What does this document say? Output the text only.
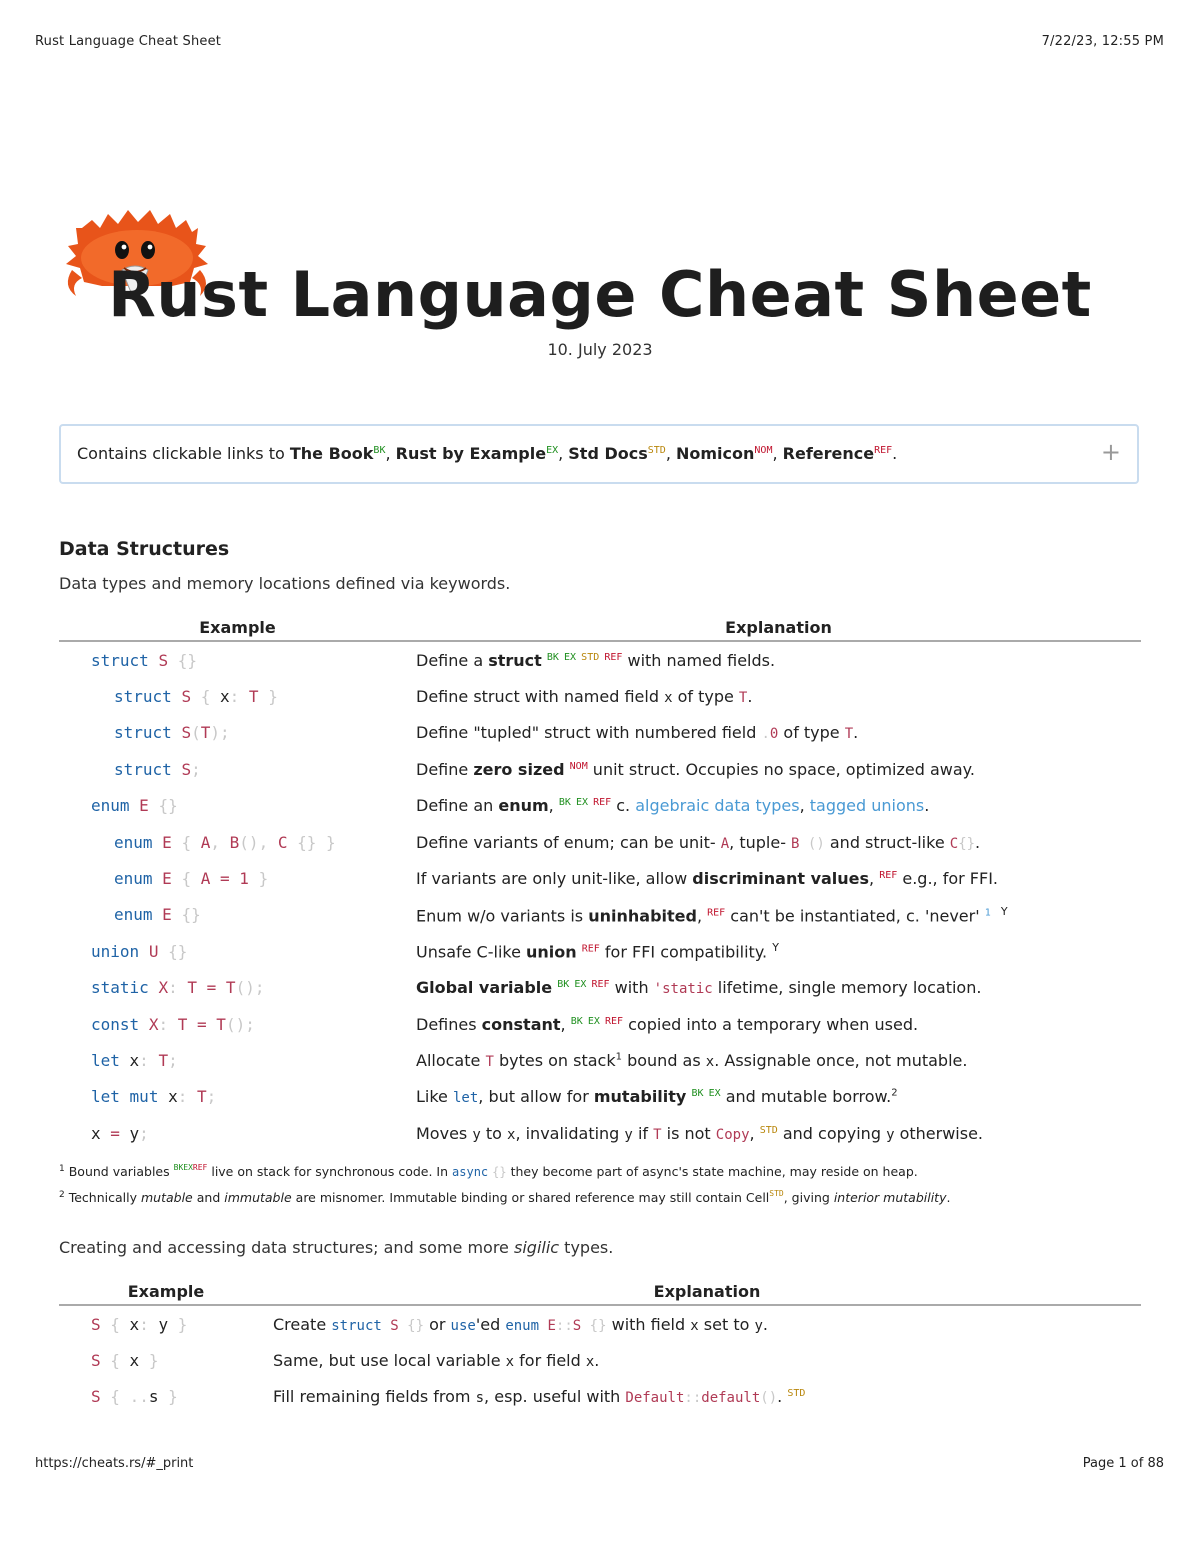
Rust Language Cheat Sheet	7/22/23, 12:55 PM
Rust Language Cheat Sheet
10. July 2023
Contains clickable links to The Book$^{BK}$, Rust by Example$^{EX}$, Std Docs$^{STD}$, Nomicon$^{NOM}$, Reference$^{REF}$.	+
Data Structures
Data types and memory locations defined via keywords.
Example	Explanation
struct S {}	Define a struct $^{BK}$ $^{EX}$ $^{STD}$ $^{REF}$ with named fields.
struct S { x: T }	Define struct with named field x of type T.
struct S(T);	Define "tupled" struct with numbered field .0 of type T.
struct S;	Define zero sized $^{NOM}$ unit struct. Occupies no space, optimized away.
enum E {}	Define an enum, $^{BK}$ $^{EX}$ $^{REF}$ c. algebraic data types, tagged unions.
enum E { A, B(), C {} }	Define variants of enum; can be unit- A, tuple- B () and struct-like C{}.
enum E { A = 1 }	If variants are only unit-like, allow discriminant values, $^{REF}$ e.g., for FFI.
enum E {}	Enum w/o variants is uninhabited, $^{REF}$ can't be instantiated, c. 'never' $^1$ $^Y$
union U {}	Unsafe C-like union $^{REF}$ for FFI compatibility. $^Y$
static X: T = T();	Global variable $^{BK}$ $^{EX}$ $^{REF}$ with 'static lifetime, single memory location.
const X: T = T();	Defines constant, $^{BK}$ $^{EX}$ $^{REF}$ copied into a temporary when used.
let x: T;	Allocate T bytes on stack$^1$ bound as x. Assignable once, not mutable.
let mut x: T;	Like let, but allow for mutability $^{BK}$ $^{EX}$ and mutable borrow.$^2$
x = y;	Moves y to x, invalidating y if T is not Copy, $^{STD}$ and copying y otherwise.
$^1$ Bound variables $^{BKEXREF}$ live on stack for synchronous code. In async {} they become part of async's state machine, may reside on heap.
$^2$ Technically mutable and immutable are misnomer. Immutable binding or shared reference may still contain Cell$^{STD}$, giving interior mutability.
Creating and accessing data structures; and some more sigilic types.
Example	Explanation
S { x: y }	Create struct S {} or use'ed enum E::S {} with field x set to y.
S { x }	Same, but use local variable x for field x.
S { ..s }	Fill remaining fields from s, esp. useful with Default::default(). $^{STD}$
https://cheats.rs/#_print	Page 1 of 88
